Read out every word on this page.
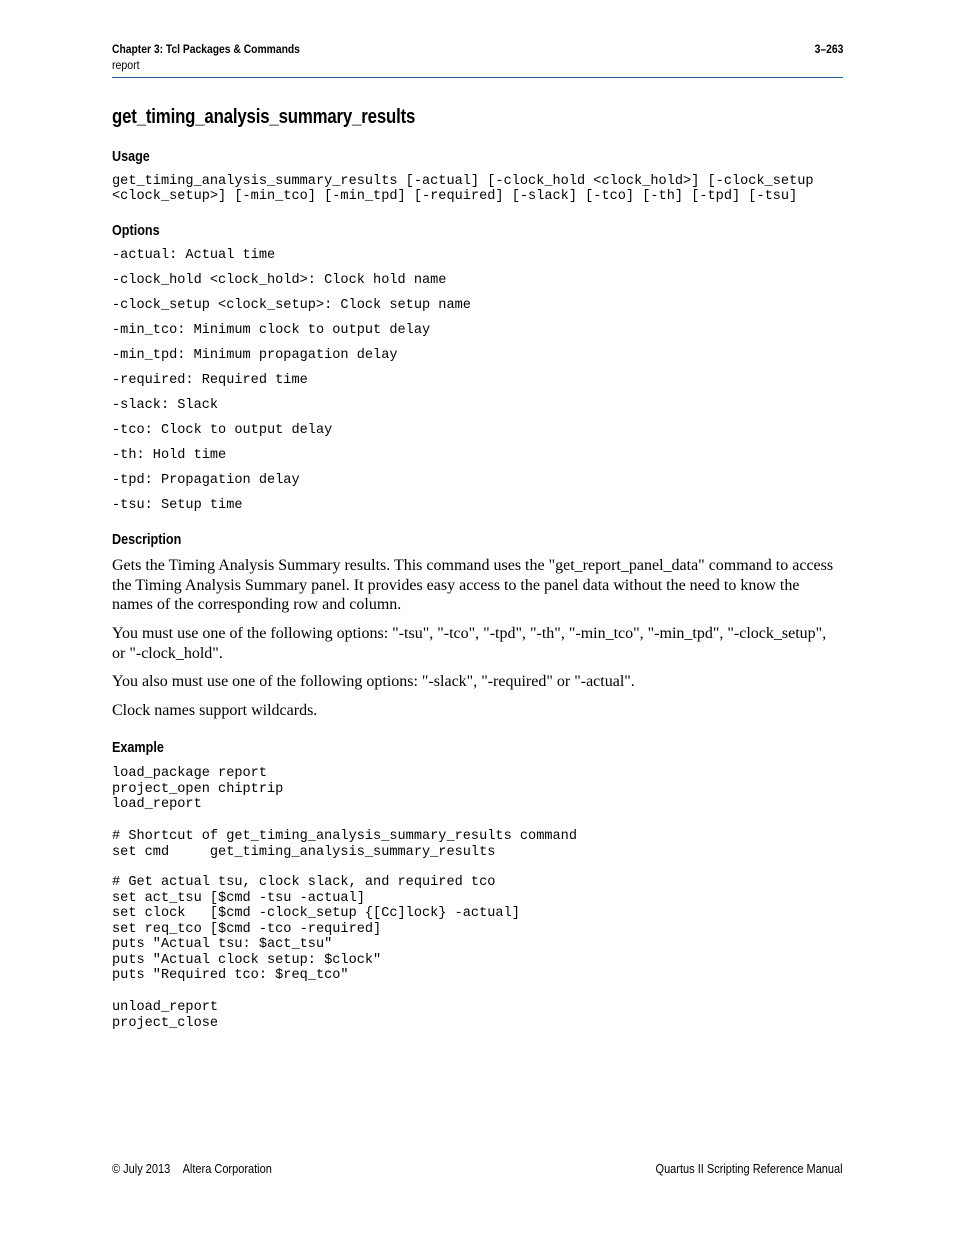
Chapter 3: Tcl Packages & Commands	3–263
report
get_timing_analysis_summary_results
Usage
get_timing_analysis_summary_results [-actual] [-clock_hold <clock_hold>] [-clock_setup
<clock_setup>] [-min_tco] [-min_tpd] [-required] [-slack] [-tco] [-th] [-tpd] [-tsu]
Options
-actual: Actual time
-clock_hold <clock_hold>: Clock hold name
-clock_setup <clock_setup>: Clock setup name
-min_tco: Minimum clock to output delay
-min_tpd: Minimum propagation delay
-required: Required time
-slack: Slack
-tco: Clock to output delay
-th: Hold time
-tpd: Propagation delay
-tsu: Setup time
Description
Gets the Timing Analysis Summary results. This command uses the "get_report_panel_data" command to access the Timing Analysis Summary panel. It provides easy access to the panel data without the need to know the names of the corresponding row and column.
You must use one of the following options: "-tsu", "-tco", "-tpd", "-th", "-min_tco", "-min_tpd", "-clock_setup", or "-clock_hold".
You also must use one of the following options: "-slack", "-required" or "-actual".
Clock names support wildcards.
Example
load_package report
project_open chiptrip
load_report
# Shortcut of get_timing_analysis_summary_results command
set cmd     get_timing_analysis_summary_results
# Get actual tsu, clock slack, and required tco
set act_tsu [$cmd -tsu -actual]
set clock   [$cmd -clock_setup {[Cc]lock} -actual]
set req_tco [$cmd -tco -required]
puts "Actual tsu: $act_tsu"
puts "Actual clock setup: $clock"
puts "Required tco: $req_tco"
unload_report
project_close
© July 2013 Altera Corporation	Quartus II Scripting Reference Manual
